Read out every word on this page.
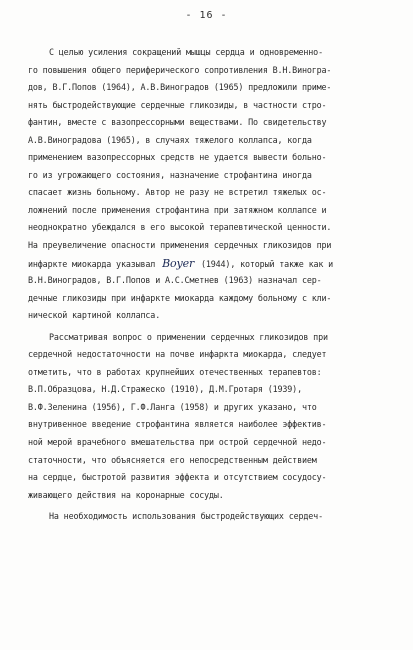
- 16 -
С целью усиления сокращений мышцы сердца и одновременно-
го повышения общего периферического сопротивления В.Н.Виногра-
дов, В.Г.Попов (1964), А.В.Виноградов (1965) предложили приме-
нять быстродействующие сердечные гликозиды, в частности стро-
фантин, вместе с вазопрессорными веществами. По свидетельству
А.В.Виноградова (1965), в случаях тяжелого коллапса, когда
применением вазопрессорных средств не удается вывести больно-
го из угрожающего состояния, назначение строфантина иногда
спасает жизнь больному. Автор не разу не встретил тяжелых ос-
ложнений после применения строфантина при затяжном коллапсе и
неоднократно убеждался в его высокой терапевтической ценности.
На преувеличение опасности применения сердечных гликозидов при
инфаркте миокарда указывал Boyer (1944), который также как и
В.Н.Виноградов, В.Г.Попов и А.С.Сметнев (1963) назначал сер-
дечные гликозиды при инфаркте миокарда каждому больному с кли-
нической картиной коллапса.
Рассматривая вопрос о применении сердечных гликозидов при
сердечной недостаточности на почве инфаркта миокарда, следует
отметить, что в работах крупнейших отечественных терапевтов:
В.П.Образцова, Н.Д.Стражеско (1910), Д.М.Гротаря (1939),
В.Ф.Зеленина (1956), Г.Ф.Ланга (1958) и других указано, что
внутривенное введение строфантина является наиболее эффектив-
ной мерой врачебного вмешательства при острой сердечной недо-
статочности, что объясняется его непосредственным действием
на сердце, быстротой развития эффекта и отсутствием сосудосу-
живающего действия на коронарные сосуды.
На необходимость использования быстродействующих сердеч-
